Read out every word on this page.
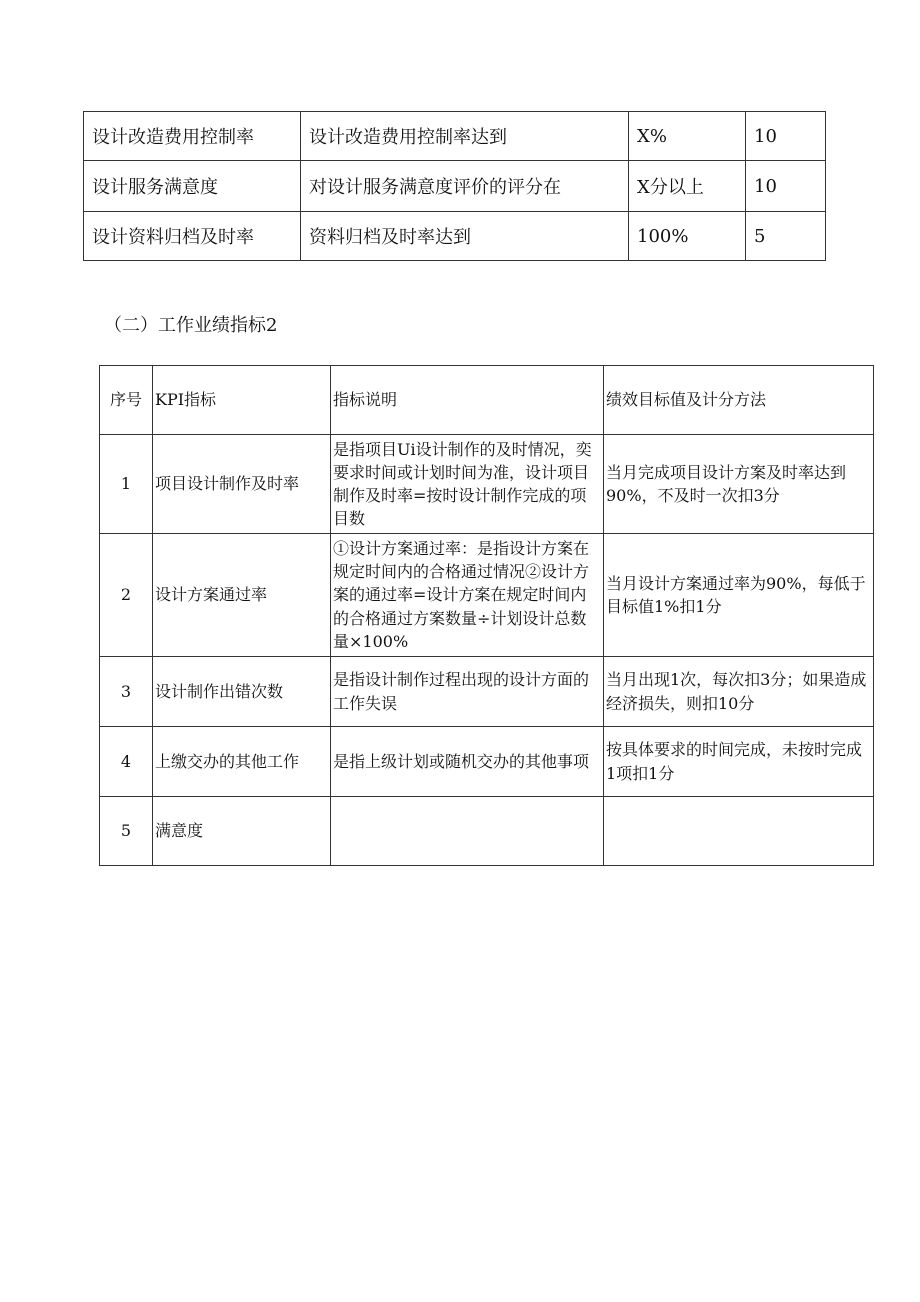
设计改造费用控制率	设计改造费用控制率达到	X%	10
设计服务满意度	对设计服务满意度评价的评分在	X分以上	10
设计资料归档及时率	资料归档及时率达到	100%	5
（二）工作业绩指标2
序号	KPI指标	指标说明	绩效目标值及计分方法
1	项目设计制作及时率	是指项目Ui设计制作的及时情况，奕要求时间或计划时间为准，设计项目制作及时率=按时设计制作完成的项目数	当月完成项目设计方案及时率达到90%，不及时一次扣3分
2	设计方案通过率	①设计方案通过率：是指设计方案在规定时间内的合格通过情况②设计方案的通过率=设计方案在规定时间内的合格通过方案数量÷计划设计总数量×100%	当月设计方案通过率为90%，每低于目标值1%扣1分
3	设计制作出错次数	是指设计制作过程出现的设计方面的工作失误	当月出现1次，每次扣3分；如果造成经济损失，则扣10分
4	上缴交办的其他工作	是指上级计划或随机交办的其他事项	按具体要求的时间完成，未按时完成1项扣1分
5	满意度		
